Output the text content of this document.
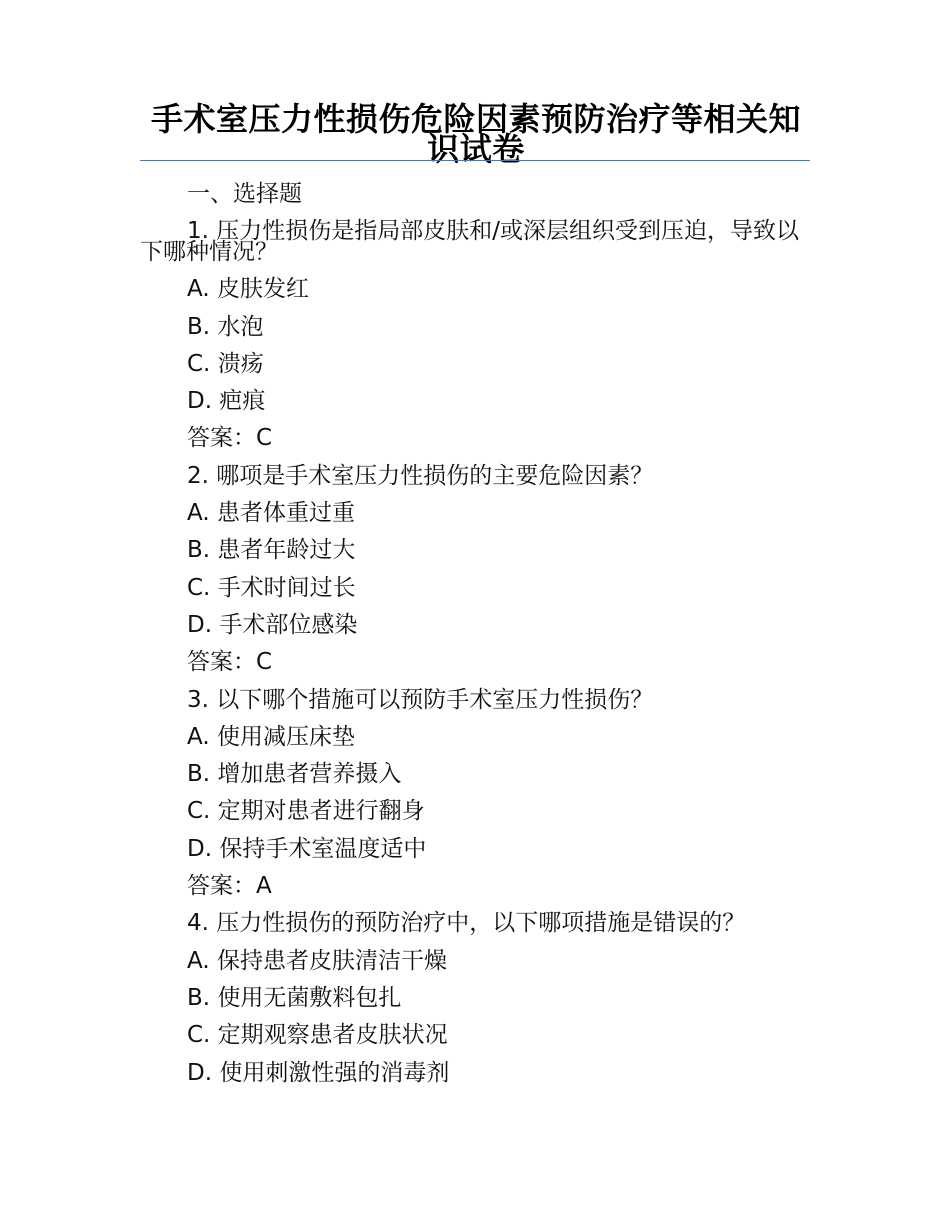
手术室压力性损伤危险因素预防治疗等相关知识试卷

一、选择题

1. 压力性损伤是指局部皮肤和/或深层组织受到压迫，导致以下哪种情况？

A. 皮肤发红

B. 水泡

C. 溃疡

D. 疤痕

答案：C

2. 哪项是手术室压力性损伤的主要危险因素？

A. 患者体重过重

B. 患者年龄过大

C. 手术时间过长

D. 手术部位感染

答案：C

3. 以下哪个措施可以预防手术室压力性损伤？

A. 使用减压床垫

B. 增加患者营养摄入

C. 定期对患者进行翻身

D. 保持手术室温度适中

答案：A

4. 压力性损伤的预防治疗中，以下哪项措施是错误的？

A. 保持患者皮肤清洁干燥

B. 使用无菌敷料包扎

C. 定期观察患者皮肤状况

D. 使用刺激性强的消毒剂
